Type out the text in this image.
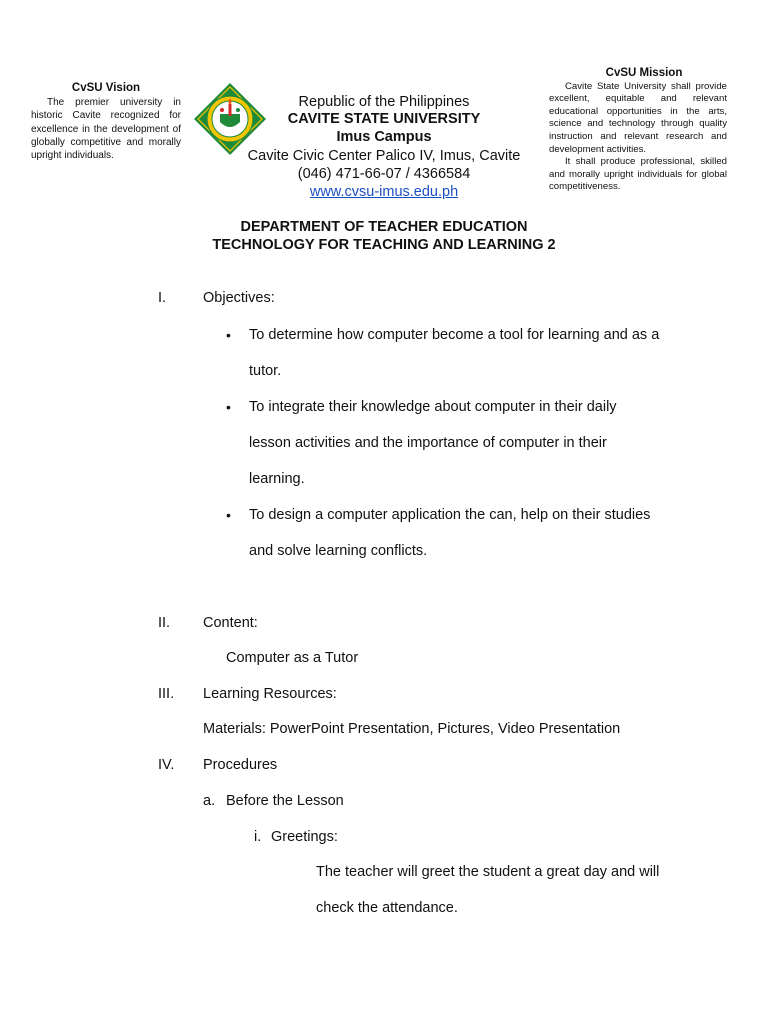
CvSU Vision

The premier university in historic Cavite recognized for excellence in the development of globally competitive and morally upright individuals.

Republic of the Philippines
CAVITE STATE UNIVERSITY
Imus Campus
Cavite Civic Center Palico IV, Imus, Cavite
(046) 471-66-07 / 4366584
www.cvsu-imus.edu.ph
CvSU Mission

Cavite State University shall provide excellent, equitable and relevant educational opportunities in the arts, science and technology through quality instruction and relevant research and development activities.

It shall produce professional, skilled and morally upright individuals for global competitiveness.

DEPARTMENT OF TEACHER EDUCATION
TECHNOLOGY FOR TEACHING AND LEARNING 2
I.	Objectives:
• To determine how computer become a tool for learning and as a
tutor.
• To integrate their knowledge about computer in their daily
lesson activities and the importance of computer in their
learning.
• To design a computer application the can, help on their studies
and solve learning conflicts.
II. Content:
Computer as a Tutor
III. Learning Resources:
Materials: PowerPoint Presentation, Pictures, Video Presentation
IV. Procedures
a. Before the Lesson
i. Greetings:
The teacher will greet the student a great day and will
check the attendance.
